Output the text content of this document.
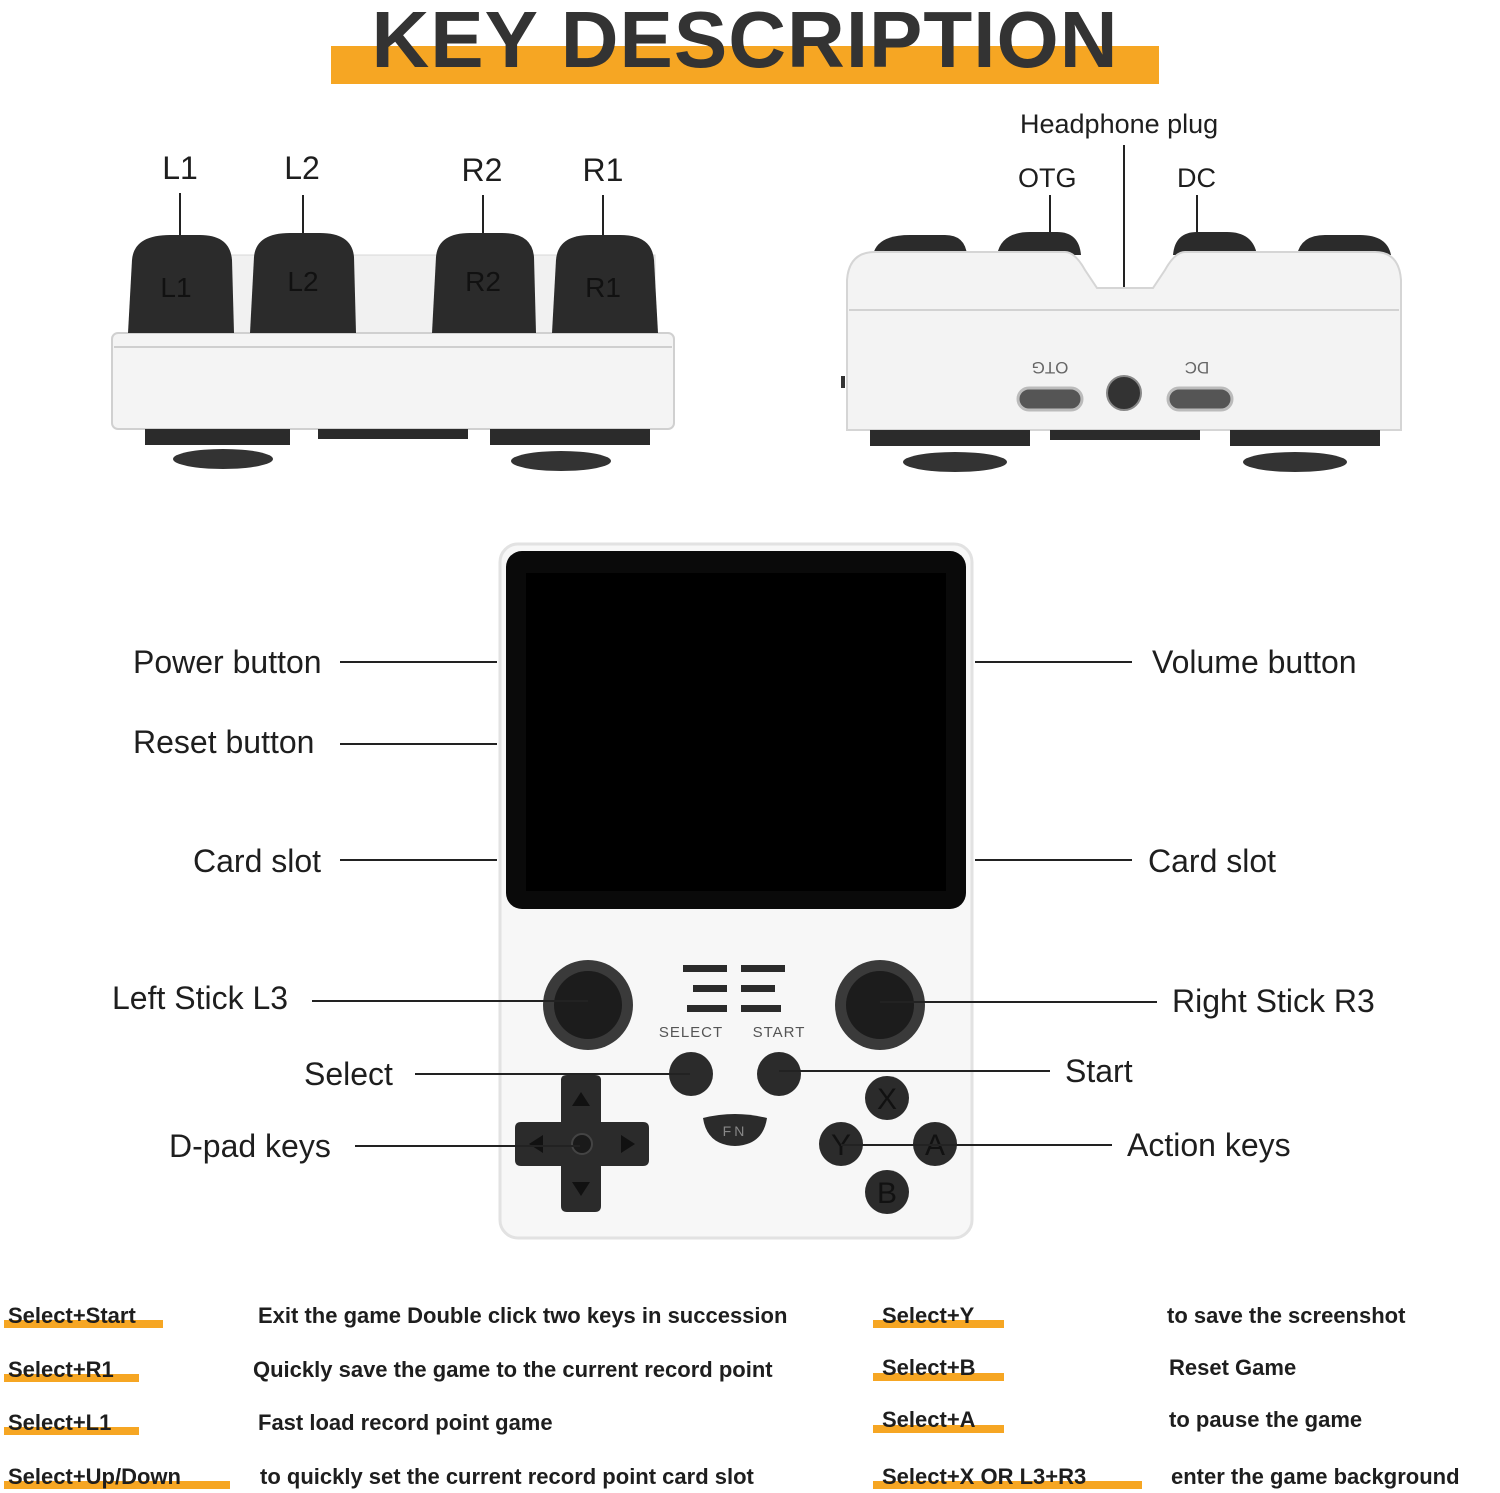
KEY DESCRIPTION
L1	L2	R2	R1
L1	L2	R2	R1
Headphone plug
OTG	DC
OTG	DC
SELECT START
FN
X
Y A
B
Power button
Reset button
Card slot
Left Stick L3
Select
D-pad keys
Volume button
Card slot
Right Stick R3
Start
Action keys
Select+Start	Exit the game Double click two keys in succession
Select+R1	Quickly save the game to the current record point
Select+L1	Fast load record point game
Select+Up/Down	to quickly set the current record point card slot
Select+Y	to save the screenshot
Select+B	Reset Game
Select+A	to pause the game
Select+X OR L3+R3	enter the game background
